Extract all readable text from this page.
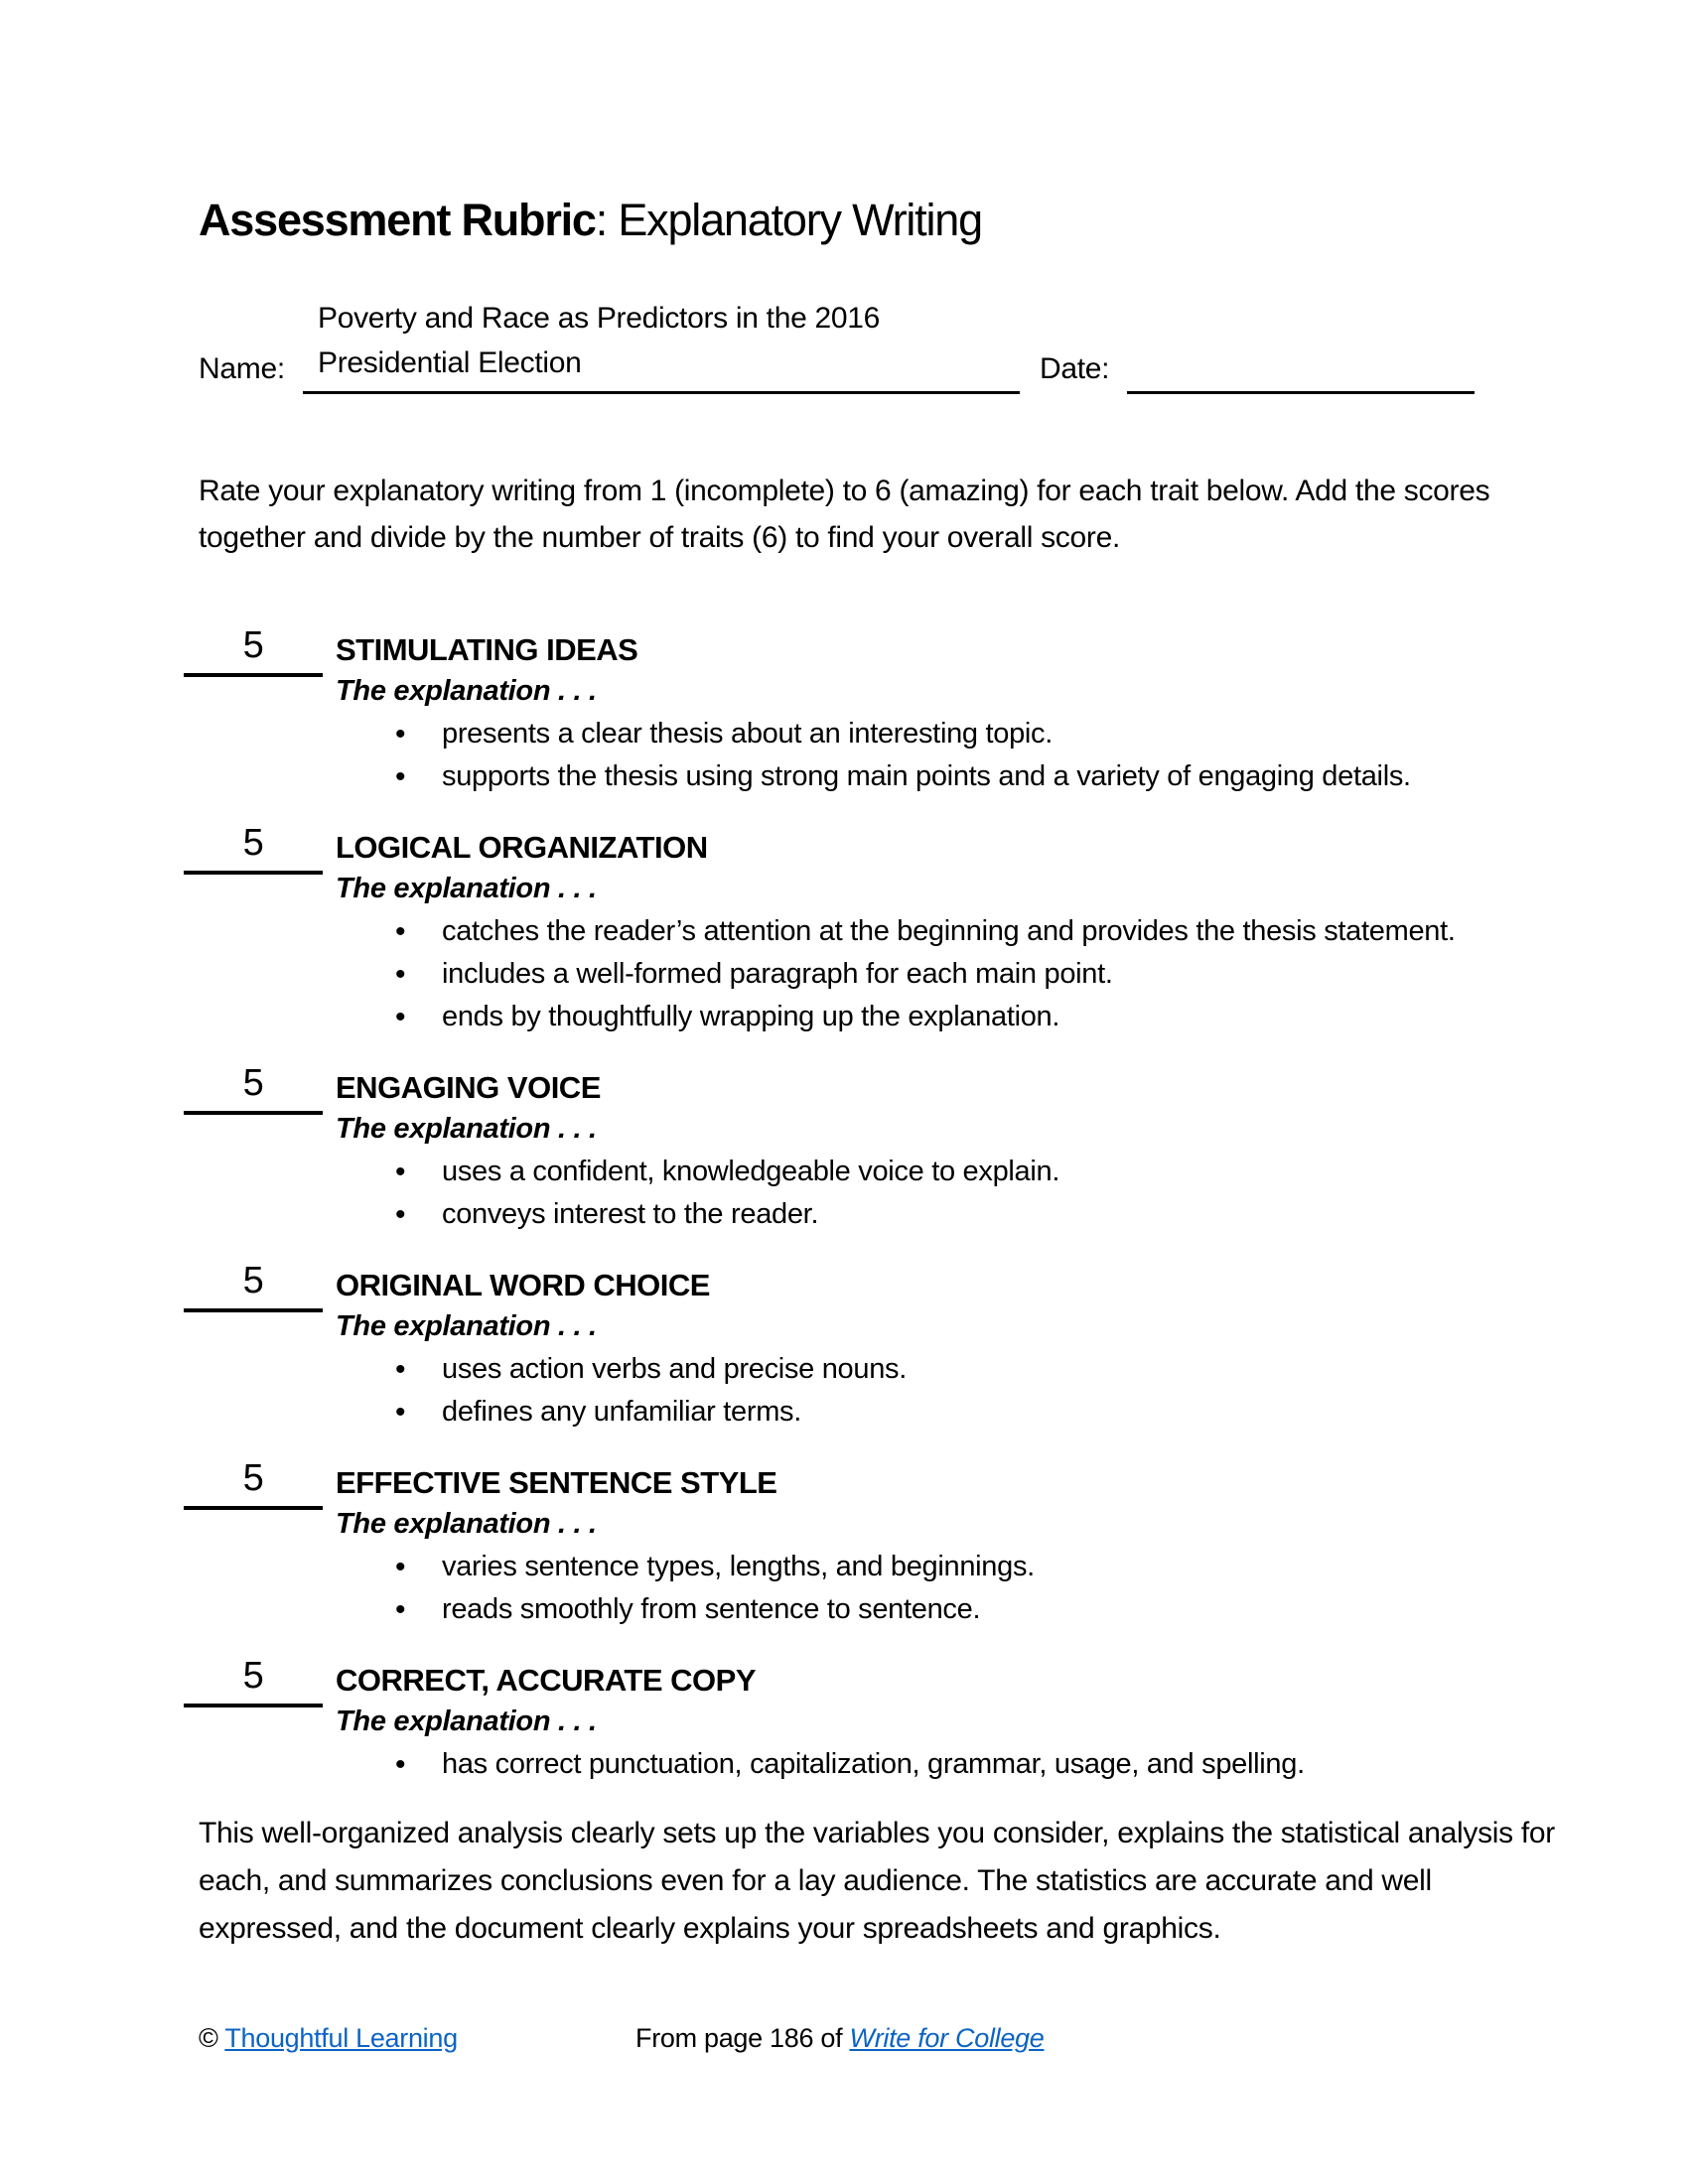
Assessment Rubric: Explanatory Writing
Name:
Poverty and Race as Predictors in the 2016
Presidential Election	Date:

Rate your explanatory writing from 1 (incomplete) to 6 (amazing) for each trait below. Add the scores together and divide by the number of traits (6) to find your overall score.

5	STIMULATING IDEAS
The explanation . . .
• presents a clear thesis about an interesting topic.
• supports the thesis using strong main points and a variety of engaging details.
5	LOGICAL ORGANIZATION
The explanation . . .
• catches the reader’s attention at the beginning and provides the thesis statement.
• includes a well-formed paragraph for each main point.
• ends by thoughtfully wrapping up the explanation.
5	ENGAGING VOICE
The explanation . . .
• uses a confident, knowledgeable voice to explain.
• conveys interest to the reader.
5	ORIGINAL WORD CHOICE
The explanation . . .
• uses action verbs and precise nouns.
• defines any unfamiliar terms.
5	EFFECTIVE SENTENCE STYLE
The explanation . . .
• varies sentence types, lengths, and beginnings.
• reads smoothly from sentence to sentence.
5	CORRECT, ACCURATE COPY
The explanation . . .
• has correct punctuation, capitalization, grammar, usage, and spelling.

This well-organized analysis clearly sets up the variables you consider, explains the statistical analysis for each, and summarizes conclusions even for a lay audience. The statistics are accurate and well expressed, and the document clearly explains your spreadsheets and graphics.

© Thoughtful Learning	From page 186 of Write for College
